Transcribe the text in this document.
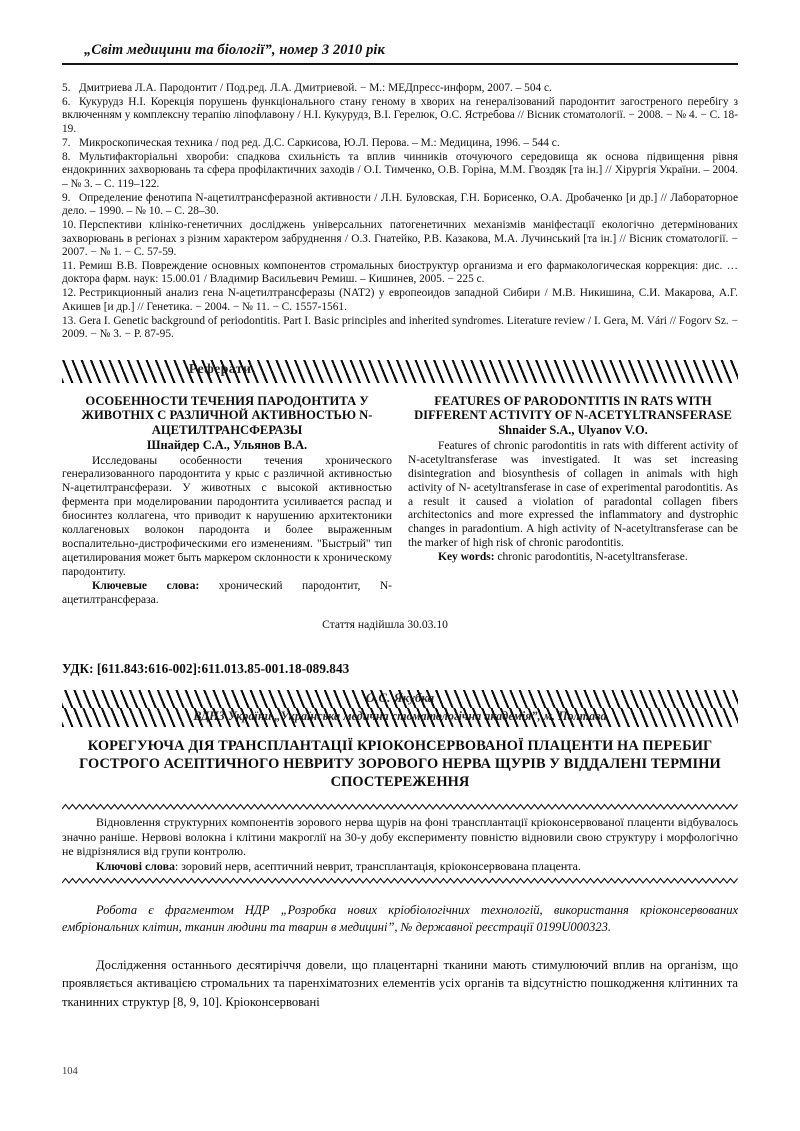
„Світ медицини та біології”, номер 3 2010 рік
5. Дмитриева Л.А. Пародонтит / Под.ред. Л.А. Дмитриевой. − М.: МЕДпресс-информ, 2007. – 504 с.
6. Кукурудз Н.І. Корекція порушень функціонального стану геному в хворих на генералізований пародонтит загостреного перебігу з включенням у комплексну терапію ліпофлавону / Н.І. Кукурудз, В.І. Герелюк, О.С. Ястребова // Вісник стоматології. − 2008. − № 4. − С. 18-19.
7. Микроскопическая техника / под ред. Д.С. Саркисова, Ю.Л. Перова. – М.: Медицина, 1996. – 544 с.
8. Мультифакторіальні хвороби: спадкова схильність та вплив чинників оточуючого середовища як основа підвищення рівня ендокринних захворювань та сфера профілактичних заходів / О.І. Тимченко, О.В. Горіна, М.М. Гвоздяк [та ін.] // Хірургія України. – 2004. – № 3. – С. 119–122.
9. Определение фенотипа N-ацетилтрансферазной активности / Л.Н. Буловская, Г.Н. Борисенко, О.А. Дробаченко [и др.] // Лабораторное дело. – 1990. – № 10. – С. 28–30.
10. Перспективи клініко-генетичних досліджень універсальних патогенетичних механізмів маніфестації екологічно детермінованих захворювань в регіонах з різним характером забруднення / О.З. Гнатейко, Р.В. Казакова, М.А. Лучинський [та ін.] // Вісник стоматології. − 2007. − № 1. − С. 57-59.
11. Ремиш В.В. Повреждение основных компонентов стромальных биоструктур организма и его фармакологическая коррекция: дис. … доктора фарм. наук: 15.00.01 / Владимир Васильевич Ремиш. – Кишинев, 2005. − 225 с.
12. Рестрикционный анализ гена N-ацетилтрансферазы (NAT2) у европеоидов западной Сибири / М.В. Никишина, С.И. Макарова, А.Г. Акишев [и др.] // Генетика. − 2004. − № 11. − С. 1557-1561.
13. Gera I. Genetic background of periodontitis. Part I. Basic principles and inherited syndromes. Literature review / I. Gera, M. Vári // Fogorv Sz. − 2009. − № 3. − P. 87-95.
Реферати
ОСОБЕННОСТИ ТЕЧЕНИЯ ПАРОДОНТИТА У ЖИВОТНІХ С РАЗЛИЧНОЙ АКТИВНОСТЬЮ N-АЦЕТИЛТРАНСФЕРАЗЫ
Шнайдер С.А., Ульянов В.А.

Исследованы особенности течения хронического генерализованного пародонтита у крыс с различной активностью N-ацетилтрансферази. У животных с высокой активностью фермента при моделировании пародонтита усиливается распад и биосинтез коллагена, что приводит к нарушению архитектоники коллагеновых волокон пародонта и более выраженным воспалительно-дистрофическими его изменениям. "Быстрый" тип ацетилирования может быть маркером склонности к хроническому пародонтиту.

Ключевые слова: хронический пародонтит, N-ацетилтрансфераза.

FEATURES OF PARODONTITIS IN RATS WITH DIFFERENT ACTIVITY OF N-ACETYLTRANSFERASE
Shnaider S.A., Ulyanov V.O.

Features of chronic parodontitis in rats with different activity of N-acetyltransferase was investigated. It was set increasing disintegration and biosynthesis of collagen in animals with high activity of N- acetyltransferase in case of experimental parodontitis. As a result it caused a violation of paradontal collagen fibers architectonics and more expressed the inflammatory and dystrophic changes in paradontium. A high activity of N-acetyltransferase can be the marker of high risk of chronic parodontitis.

Key words: chronic parodontitis, N-acetyltransferase.

Стаття надійшла 30.03.10
УДК: [611.843:616-002]:611.013.85-001.18-089.843
О.С. Якубка
ВДНЗ України „Українська медична стоматологічна академія”, м. Полтава
КОРЕГУЮЧА ДІЯ ТРАНСПЛАНТАЦІЇ КРІОКОНСЕРВОВАНОЇ ПЛАЦЕНТИ НА ПЕРЕБИГ ГОСТРОГО АСЕПТИЧНОГО НЕВРИТУ ЗОРОВОГО НЕРВА ЩУРІВ У ВІДДАЛЕНІ ТЕРМІНИ СПОСТЕРЕЖЕННЯ

Відновлення структурних компонентів зорового нерва щурів на фоні трансплантації кріоконсервованої плаценти відбувалось значно раніше. Нервові волокна і клітини макроглії на 30-у добу експерименту повністю відновили свою структуру і морфологічно не відрізнялися від групи контролю.

Ключові слова: зоровий нерв, асептичний неврит, трансплантація, кріоконсервована плацента.

Робота є фрагментом НДР „Розробка нових кріобіологічних технологій, використання кріоконсервованих ембріональних клітин, тканин людини та тварин в медицині”, № державної реєстрації 0199U000323.

Дослідження останнього десятиріччя довели, що плацентарні тканини мають стимулюючий вплив на організм, що проявляється активацією стромальних та паренхіматозних елементів усіх органів та відсутністю пошкодження клітинних та тканинних структур [8, 9, 10]. Кріоконсервовані

104
